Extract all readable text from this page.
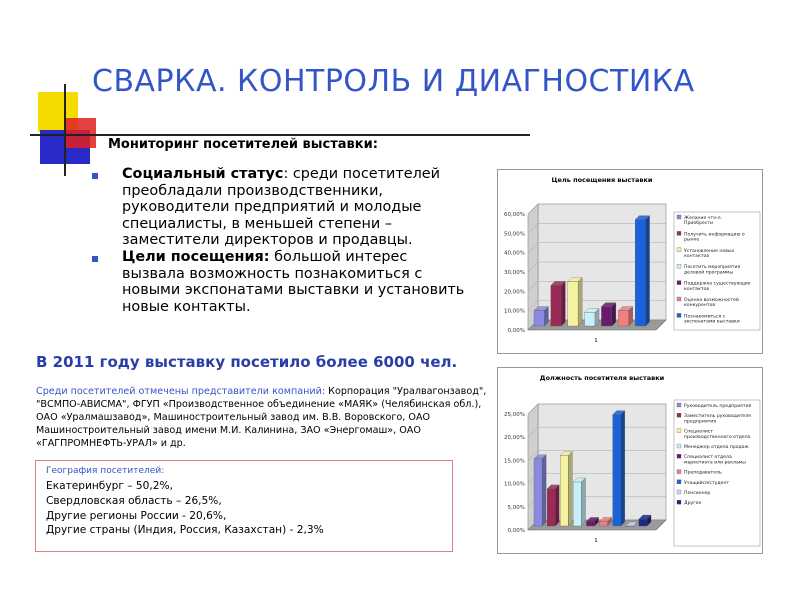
СВАРКА. КОНТРОЛЬ И ДИАГНОСТИКА
Мониторинг посетителей выставки:
Социальный статус: среди посетителей преобладали производственники, руководители предприятий и молодые специалисты, в меньшей степени – заместители директоров и продавцы.
Цели посещения: большой интерес вызвала возможность познакомиться с новыми экспонатами выставки и установить новые контакты.
В 2011 году выставку посетило более 6000 чел.
Среди посетителей отмечены представители компаний: Корпорация "Уралвагонзавод", "ВСМПО-АВИСМА", ФГУП «Производственное объединение «МАЯК» (Челябинская обл.), ОАО «Уралмашзавод», Машиностроительный завод им. В.В. Воровского, ОАО Машиностроительный завод имени М.И. Калинина, ЗАО «Энергомаш», ОАО «ГАГПРОМНЕФТЬ-УРАЛ» и др.
География посетителей:
Екатеринбург – 50,2%,
Свердловская область – 26,5%,
Другие регионы России - 20,6%,
Другие страны (Индия, Россия, Казахстан) - 2,3%
Цель посещения выставки
0,00%
10,00%
20,00%
30,00%
40,00%
50,00%
60,00%
1
Желание что-л. Приобрести
Получить информацию о рынке
Установление новых контактов
Посетить мероприятия деловой программы
Поддержка существующих контактов
Оценка возможностей конкурентов
Познакомиться с экспонатами выставки
Должность посетителя выставки
0,00%
5,00%
10,00%
15,00%
20,00%
25,00%
1
Руководитель предприятия
Заместитель руководителя предприятия
Специалист производственного отдела
Менеджер отдела продаж
Специалист отдела маркетинга или рекламы
Преподаватель
Учащийся/студент
Пенсионер
Другое
